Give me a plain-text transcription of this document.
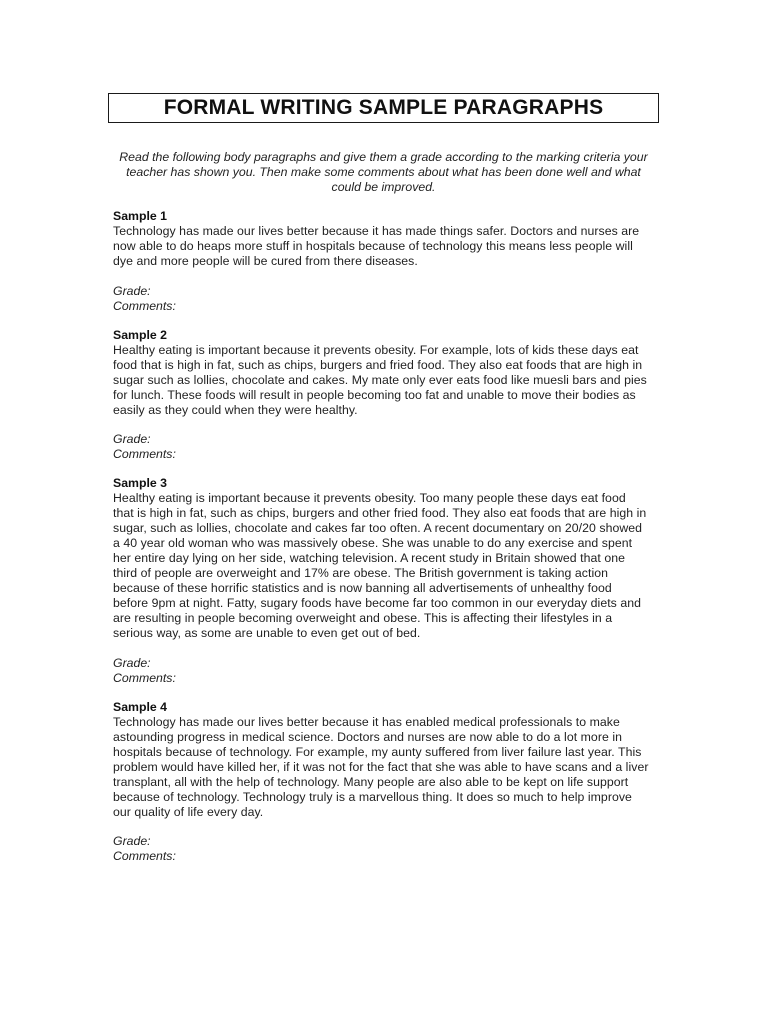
FORMAL WRITING SAMPLE PARAGRAPHS
Read the following body paragraphs and give them a grade according to the marking criteria your
teacher has shown you. Then make some comments about what has been done well and what
could be improved.
Sample 1
Technology has made our lives better because it has made things safer. Doctors and nurses are
now able to do heaps more stuff in hospitals because of technology this means less people will
dye and more people will be cured from there diseases.
Grade:
Comments:
Sample 2
Healthy eating is important because it prevents obesity. For example, lots of kids these days eat
food that is high in fat, such as chips, burgers and fried food. They also eat foods that are high in
sugar such as lollies, chocolate and cakes. My mate only ever eats food like muesli bars and pies
for lunch. These foods will result in people becoming too fat and unable to move their bodies as
easily as they could when they were healthy.
Grade:
Comments:
Sample 3
Healthy eating is important because it prevents obesity. Too many people these days eat food
that is high in fat, such as chips, burgers and other fried food. They also eat foods that are high in
sugar, such as lollies, chocolate and cakes far too often. A recent documentary on 20/20 showed
a 40 year old woman who was massively obese. She was unable to do any exercise and spent
her entire day lying on her side, watching television. A recent study in Britain showed that one
third of people are overweight and 17% are obese. The British government is taking action
because of these horrific statistics and is now banning all advertisements of unhealthy food
before 9pm at night. Fatty, sugary foods have become far too common in our everyday diets and
are resulting in people becoming overweight and obese. This is affecting their lifestyles in a
serious way, as some are unable to even get out of bed.
Grade:
Comments:
Sample 4
Technology has made our lives better because it has enabled medical professionals to make
astounding progress in medical science. Doctors and nurses are now able to do a lot more in
hospitals because of technology. For example, my aunty suffered from liver failure last year. This
problem would have killed her, if it was not for the fact that she was able to have scans and a liver
transplant, all with the help of technology. Many people are also able to be kept on life support
because of technology. Technology truly is a marvellous thing. It does so much to help improve
our quality of life every day.
Grade:
Comments:
